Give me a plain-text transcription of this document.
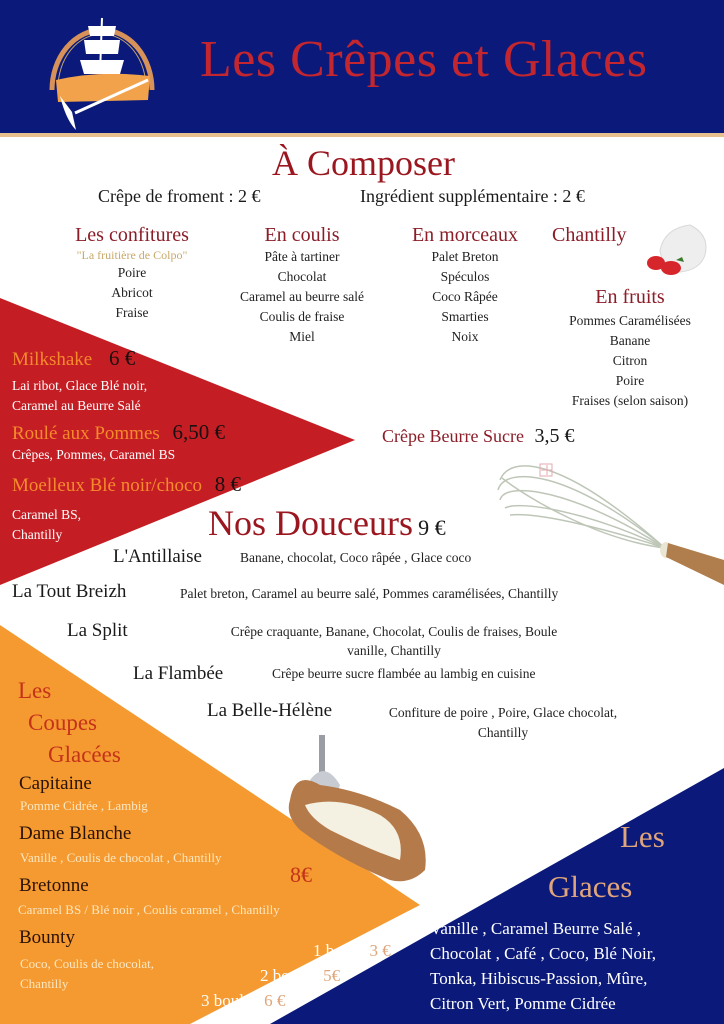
Les Crêpes et Glaces
À Composer
Crêpe de froment : 2 €	Ingrédient supplémentaire : 2 €
Les confitures
"La fruitière de Colpo"
Poire
Abricot
Fraise
En coulis
Pâte à tartiner
Chocolat
Caramel au beurre salé
Coulis de fraise
Miel
En morceaux
Palet Breton
Spéculos
Coco Râpée
Smarties
Noix
Chantilly
En fruits
Pommes Caramélisées
Banane
Citron
Poire
Fraises (selon saison)
Milkshake 6 €
Lai ribot, Glace Blé noir,
Caramel au Beurre Salé
Roulé aux Pommes 6,50 €
Crêpes, Pommes, Caramel BS
Moelleux Blé noir/choco 8 €
Caramel BS,
Chantilly
Crêpe Beurre Sucre 3,5 €
Nos Douceurs 9 €
L'Antillaise	Banane, chocolat, Coco râpée , Glace coco
La Tout Breizh	Palet breton, Caramel au beurre salé, Pommes caramélisées, Chantilly
La Split	Crêpe craquante, Banane, Chocolat, Coulis de fraises, Boule
vanille, Chantilly
La Flambée	Crêpe beurre sucre flambée au lambig en cuisine
La Belle-Hélène	Confiture de poire , Poire, Glace chocolat,
Chantilly
Les
Coupes
Glacées
Capitaine
Pomme Cidrée , Lambig
Dame Blanche
Vanille , Coulis de chocolat , Chantilly
Bretonne
Caramel BS / Blé noir , Coulis caramel , Chantilly
Bounty
Coco, Coulis de chocolat,
Chantilly
8€
Les
Glaces
Vanille , Caramel Beurre Salé ,
Chocolat , Café , Coco, Blé Noir,
Tonka, Hibiscus-Passion, Mûre,
Citron Vert, Pomme Cidrée
1 boule 3 €
2 boules 5€
3 boules 6 €
